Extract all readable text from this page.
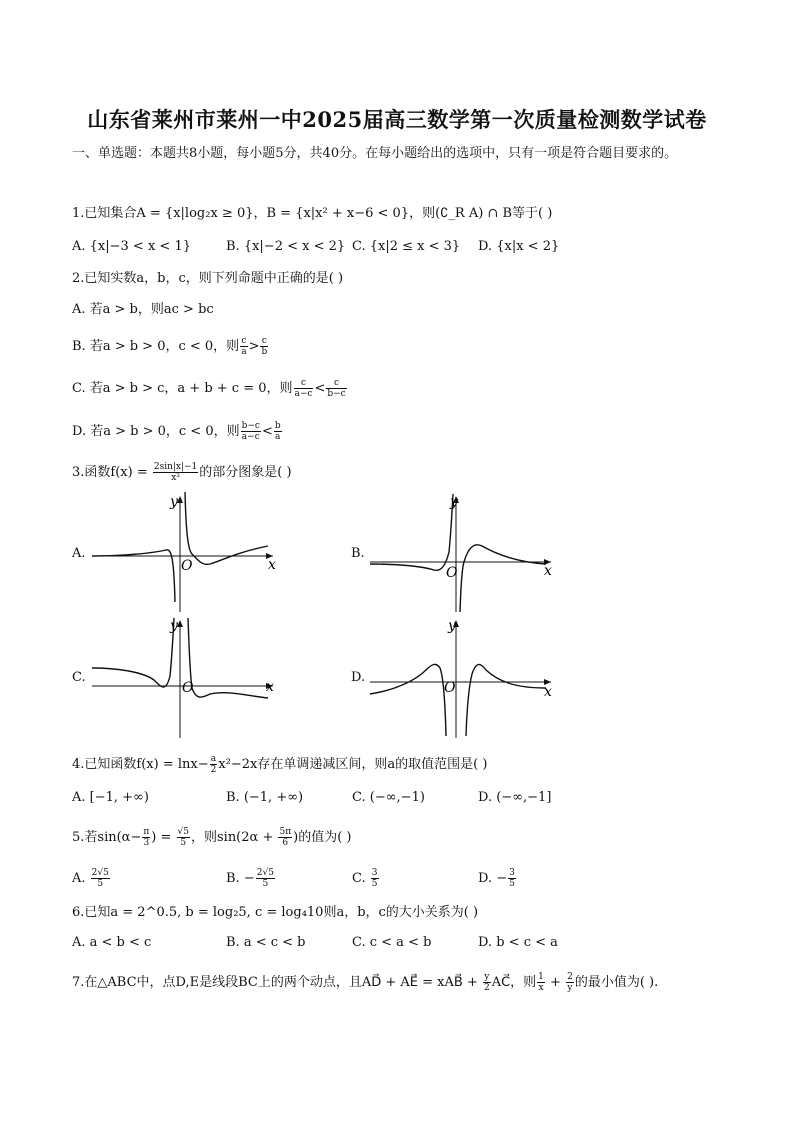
山东省莱州市莱州一中2025届高三数学第一次质量检测数学试卷
一、单选题：本题共8小题，每小题5分，共40分。在每小题给出的选项中，只有一项是符合题目要求的。
1.已知集合A = {x|log₂x ≥ 0}，B = {x|x² + x−6 < 0}，则(∁_R A) ∩ B等于( )
A. {x|−3 < x < 1}	B. {x|−2 < x < 2} C. {x|2 ≤ x < 3} D. {x|x < 2}
2.已知实数a，b，c，则下列命题中正确的是( )
A. 若a > b，则ac > bc
B. 若a > b > 0，c < 0，则 $\frac{c}{a} > \frac{c}{b}$
C. 若a > b > c，a + b + c = 0，则 $\frac{c}{a-c} < \frac{c}{b-c}$
D. 若a > b > 0，c < 0，则 $\frac{b-c}{a-c} < \frac{b}{a}$
3.函数$f(x) = \frac{2\sin|x|-1}{\text{x³}}$ 的部分图象是( )
A.	B.
C.	D.
x
y
O	x
y
O
x
y
O	x
y
O
4.已知函数$f(x) = \ln x- \frac{a}{2} x^2-2x$存在单调递减区间，则a的取值范围是( )
A. [−1, +∞)	B. (−1, +∞)	C. (−∞,−1)	D. (−∞,−1]
5.若$\sin(\alpha- \frac{\pi}{3}$ ) = $\frac{√5}{5}$ ，则$\sin(2\alpha + \frac{5\pi}{6}$ )的值为( )
A. $\frac{2√5}{5}$	B. − $\frac{2√5}{5}$	C. $\frac{3}{5}$	D. − $\frac{3}{5}$
6.已知a = 2^0.5, b = log₂5, c = log₄10则a，b，c的大小关系为( )
A. a < b < c	B. a < c < b	C. c < a < b	D. b < c < a
7.在△ABC中，点D,E是线段BC上的两个动点，且AD⃗ + AE⃗ = xAB⃗ + $\frac{y}{2}$ AC⃗，则 $\frac{1}{x} + \frac{2}{y}$ 的最小值为( ).
